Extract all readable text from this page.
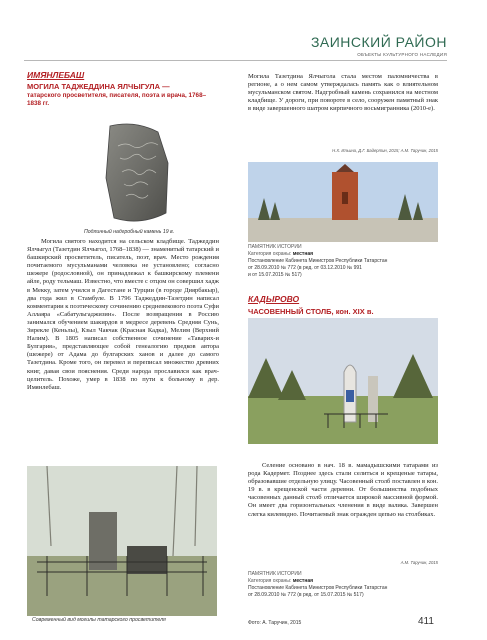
ЗАИНСКИЙ РАЙОН
ОБЪЕКТЫ КУЛЬТУРНОГО НАСЛЕДИЯ
ИМЯНЛЕБАШ
МОГИЛА ТАДЖЕДДИНА ЯЛЧЫГУЛА —
татарского просветителя, писателя, поэта и врача, 1768–1838 гг.
Могила Тазетдина Ялчыгола стала местом паломничества в регионе, а о нем самом утверждалась память как о влиятельном мусульманском святом. Надгробный камень сохранился на местном кладбище. У дороги, при повороте в село, сооружен памятный знак в виде завершенного шатром кирпичного восьмигранника (2010-е).
Н.Х. Ильина, Д.Г. Бадертин, 2015; А.М. Таручин, 2015
Подлинный надгробный камень 19 в.
Могила святого находится на сельском кладбище. Таджеддин Ялчыгул (Тазетдин Ялчыгол, 1768–1838) — знаменитый татарский и башкирский просветитель, писатель, поэт, врач. Место рождения почитаемого мусульманами человека не установлено; согласно шежере (родословной), он принадлежал к башкирскому племени айле, роду тельмаш. Известно, что вместе с отцом он совершил хадж в Мекку, затем учился в Дагестане и Турции (в городе Диярбакыр), два года жил в Стамбуле. В 1796 Таджеддин-Тазетдин написал комментарии к поэтическому сочинению средневекового поэта Суфи Аллаяра «Сабатульгаджизин». После возвращения в Россию занимался обучением шакирдов в медресе деревень Средняя Сунь, Зирекле (Кеньлы), Кзыл Чакчак (Красная Кадка), Мелим (Верхний Налим). В 1805 написал собственное сочинение «Таварих-и Булгария», представляющее собой генеалогию предков автора (шежере) от Адама до булгарских ханов и далее до самого Тазетдина. Кроме того, он перевел и переписал множество древних книг, давая свои пояснения. Среди народа прославился как врач-целитель. Похоже, умер в 1838 по пути к больному в дер. Имянлебаш.
Современный вид могилы татарского просветителя
ПАМЯТНИК ИСТОРИИ
Категория охраны: местная
Постановление Кабинета Министров Республики Татарстан
от 28.09.2010 № 772 (в ред. от 03.12.2010 № 991
и от 15.07.2015 № 517)
КАДЫРОВО
ЧАСОВЕННЫЙ СТОЛБ, кон. XIX в.
Селение основано в нач. 18 в. мамадышскими татарами из рода Кадермет. Позднее здесь стали селиться и крещеные татары, образовавшие отдельную улицу. Часовенный столб поставлен в кон. 19 в. в крещенской части деревни. От большинства подобных часовенных данный столб отличается широкой массивной формой. Он имеет два горизонтальных членения в виде валика. Завершен слегка килевидно. Почитаемый знак огражден цепью на столбиках.
А.М. Таручин, 2015
ПАМЯТНИК ИСТОРИИ
Категория охраны: местная
Постановление Кабинета Министров Республики Татарстан
от 28.09.2010 № 772 (в ред. от 15.07.2015 № 517)
Фото: А. Таручин, 2015	411
